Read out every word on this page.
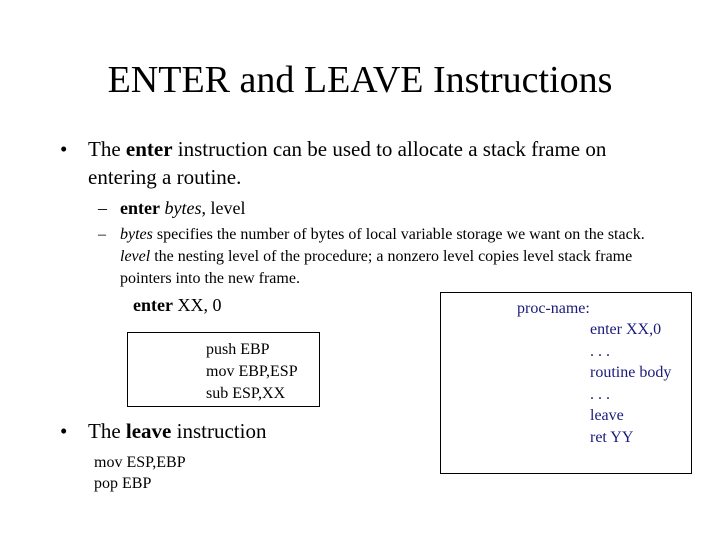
ENTER and LEAVE Instructions
• The enter instruction can be used to allocate a stack frame on entering a routine.
– enter bytes, level
– bytes specifies the number of bytes of local variable storage we want on the stack. level the nesting level of the procedure; a nonzero level copies level stack frame pointers into the new frame.
enter XX, 0
push EBP
mov EBP,ESP
sub ESP,XX
• The leave instruction
mov ESP,EBP
pop EBP
proc-name:
enter XX,0
. . .
routine body
. . .
leave
ret YY
